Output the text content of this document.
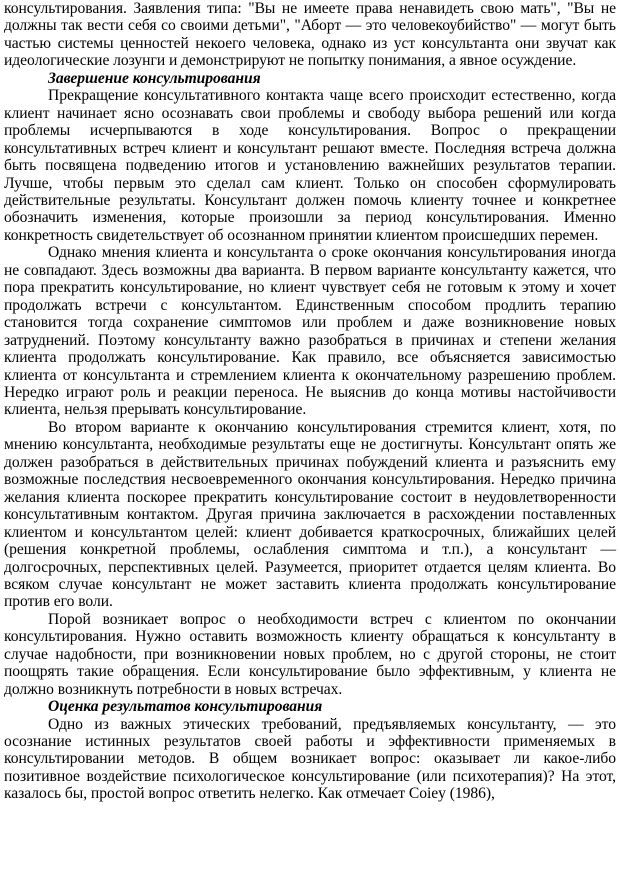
консультирования. Заявления типа: "Вы не имеете права ненавидеть свою мать", "Вы не должны так вести себя со своими детьми", "Аборт — это человекоубийство" — могут быть частью системы ценностей некоего человека, однако из уст консультанта они звучат как идеологические лозунги и демонстрируют не попытку понимания, а явное осуждение.

Завершение консультирования

Прекращение консультативного контакта чаще всего происходит естественно, когда клиент начинает ясно осознавать свои проблемы и свободу выбора решений или когда проблемы исчерпываются в ходе консультирования. Вопрос о прекращении консультативных встреч клиент и консультант решают вместе. Последняя встреча должна быть посвящена подведению итогов и установлению важнейших результатов терапии. Лучше, чтобы первым это сделал сам клиент. Только он способен сформулировать действительные результаты. Консультант должен помочь клиенту точнее и конкретнее обозначить изменения, которые произошли за период консультирования. Именно конкретность свидетельствует об осознанном принятии клиентом происшедших перемен.

Однако мнения клиента и консультанта о сроке окончания консультирования иногда не совпадают. Здесь возможны два варианта. В первом варианте консультанту кажется, что пора прекратить консультирование, но клиент чувствует себя не готовым к этому и хочет продолжать встречи с консультантом. Единственным способом продлить терапию становится тогда сохранение симптомов или проблем и даже возникновение новых затруднений. Поэтому консультанту важно разобраться в причинах и степени желания клиента продолжать консультирование. Как правило, все объясняется зависимостью клиента от консультанта и стремлением клиента к окончательному разрешению проблем. Нередко играют роль и реакции переноса. Не выяснив до конца мотивы настойчивости клиента, нельзя прерывать консультирование.

Во втором варианте к окончанию консультирования стремится клиент, хотя, по мнению консультанта, необходимые результаты еще не достигнуты. Консультант опять же должен разобраться в действительных причинах побуждений клиента и разъяснить ему возможные последствия несвоевременного окончания консультирования. Нередко причина желания клиента поскорее прекратить консультирование состоит в неудовлетворенности консультативным контактом. Другая причина заключается в расхождении поставленных клиентом и консультантом целей: клиент добивается краткосрочных, ближайших целей (решения конкретной проблемы, ослабления симптома и т.п.), а консультант — долгосрочных, перспективных целей. Разумеется, приоритет отдается целям клиента. Во всяком случае консультант не может заставить клиента продолжать консультирование против его воли.

Порой возникает вопрос о необходимости встреч с клиентом по окончании консультирования. Нужно оставить возможность клиенту обращаться к консультанту в случае надобности, при возникновении новых проблем, но с другой стороны, не стоит поощрять такие обращения. Если консультирование было эффективным, у клиента не должно возникнуть потребности в новых встречах.

Оценка результатов консультирования

Одно из важных этических требований, предъявляемых консультанту, — это осознание истинных результатов своей работы и эффективности применяемых в консультировании методов. В общем возникает вопрос: оказывает ли какое-либо позитивное воздействие психологическое консультирование (или психотерапия)? На этот, казалось бы, простой вопрос ответить нелегко. Как отмечает Coiey (1986),
